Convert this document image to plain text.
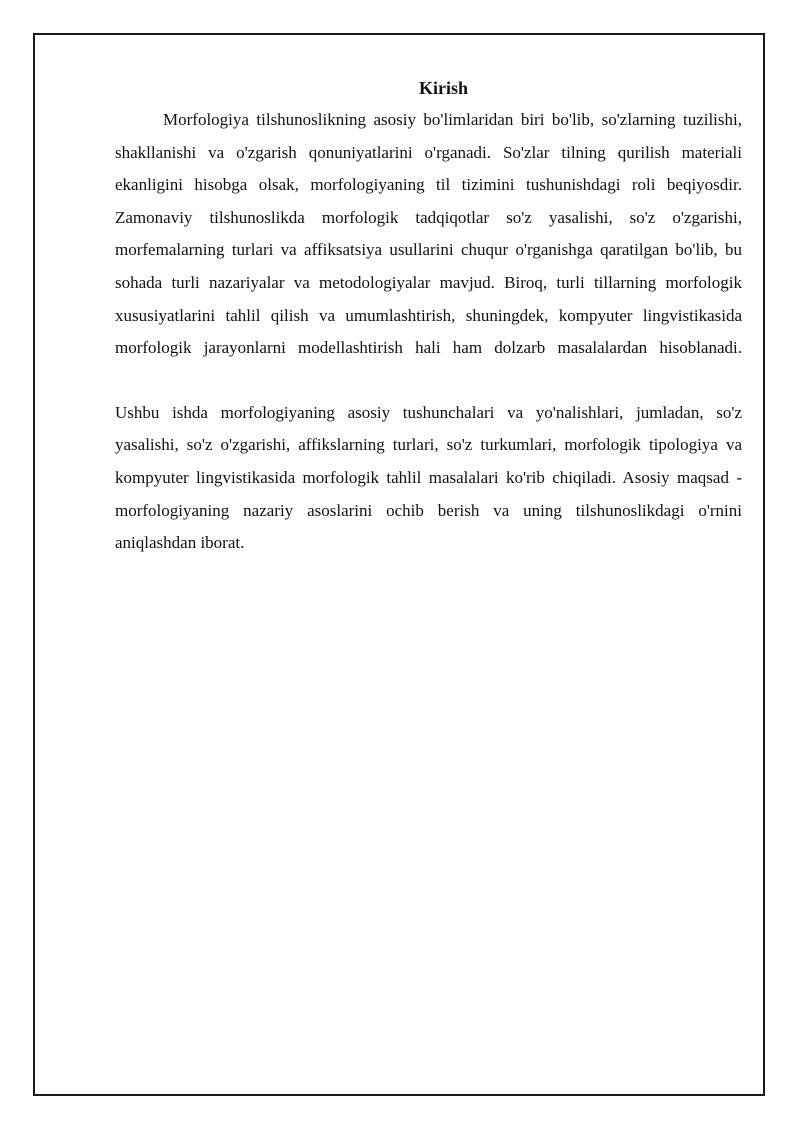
Kirish

Morfologiya tilshunoslikning asosiy bo'limlaridan biri bo'lib, so'zlarning tuzilishi, shakllanishi va o'zgarish qonuniyatlarini o'rganadi. So'zlar tilning qurilish materiali ekanligini hisobga olsak, morfologiyaning til tizimini tushunishdagi roli beqiyosdir. Zamonaviy tilshunoslikda morfologik tadqiqotlar so'z yasalishi, so'z o'zgarishi, morfemalarning turlari va affiksatsiya usullarini chuqur o'rganishga qaratilgan bo'lib, bu sohada turli nazariyalar va metodologiyalar mavjud. Biroq, turli tillarning morfologik xususiyatlarini tahlil qilish va umumlashtirish, shuningdek, kompyuter lingvistikasida morfologik jarayonlarni modellashtirish hali ham dolzarb masalalardan hisoblanadi.

Ushbu ishda morfologiyaning asosiy tushunchalari va yo'nalishlari, jumladan, so'z yasalishi, so'z o'zgarishi, affikslarning turlari, so'z turkumlari, morfologik tipologiya va kompyuter lingvistikasida morfologik tahlil masalalari ko'rib chiqiladi. Asosiy maqsad - morfologiyaning nazariy asoslarini ochib berish va uning tilshunoslikdagi o'rnini aniqlashdan iborat.
